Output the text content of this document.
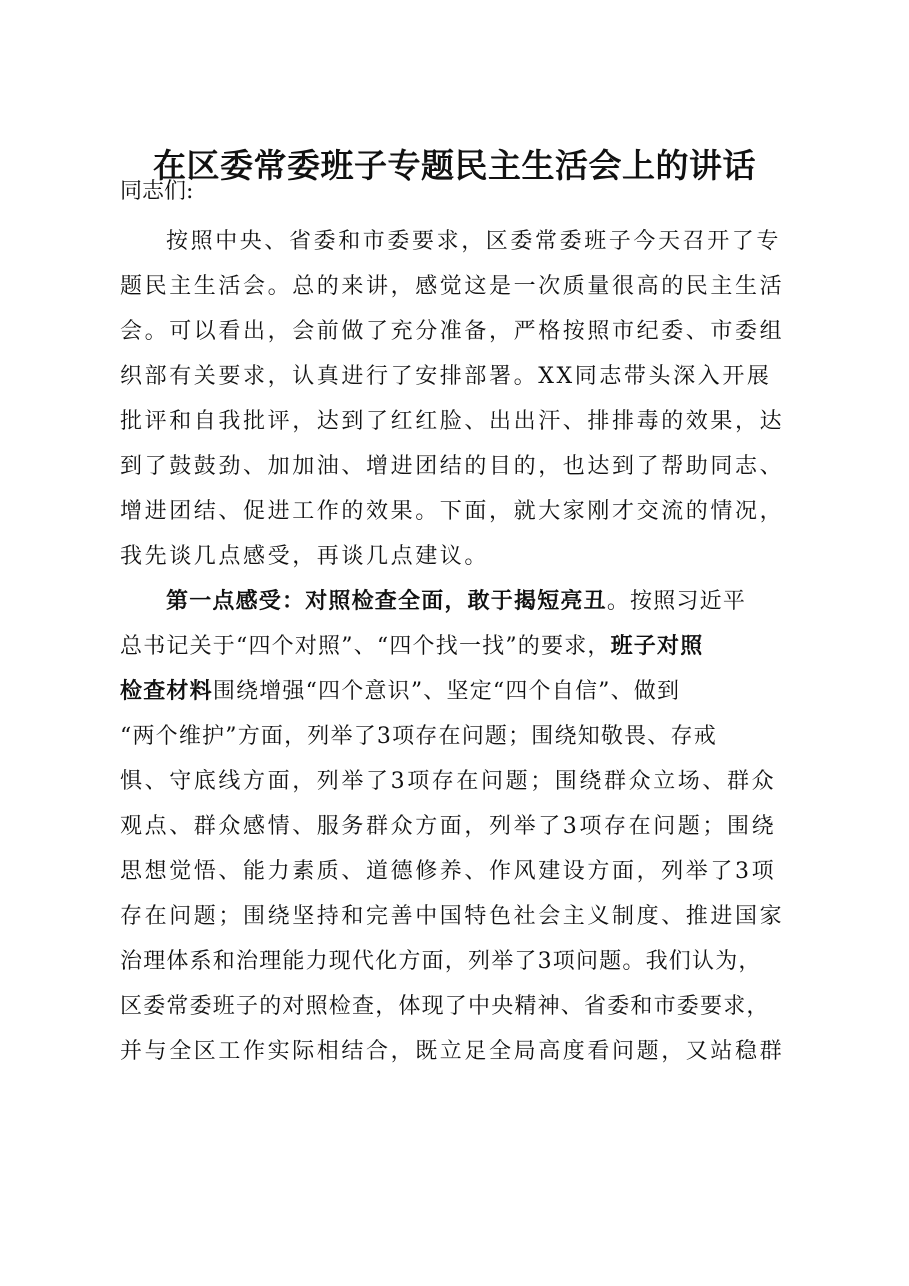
在区委常委班子专题民主生活会上的讲话

同志们:

按照中央、省委和市委要求，区委常委班子今天召开了专

题民主生活会。总的来讲，感觉这是一次质量很高的民主生活

会。可以看出，会前做了充分准备，严格按照市纪委、市委组

织部有关要求，认真进行了安排部署。XX同志带头深入开展

批评和自我批评，达到了红红脸、出出汗、排排毒的效果，达

到了鼓鼓劲、加加油、增进团结的目的，也达到了帮助同志、

增进团结、促进工作的效果。下面，就大家刚才交流的情况，

我先谈几点感受，再谈几点建议。

第一点感受：对照检查全面，敢于揭短亮丑。按照习近平

总书记关于“四个对照”、“四个找一找”的要求，班子对照

检查材料围绕增强“四个意识”、坚定“四个自信”、做到

“两个维护”方面，列举了3项存在问题；围绕知敬畏、存戒

惧、守底线方面，列举了3项存在问题；围绕群众立场、群众

观点、群众感情、服务群众方面，列举了3项存在问题；围绕

思想觉悟、能力素质、道德修养、作风建设方面，列举了3项

存在问题；围绕坚持和完善中国特色社会主义制度、推进国家

治理体系和治理能力现代化方面，列举了3项问题。我们认为，

区委常委班子的对照检查，体现了中央精神、省委和市委要求，

并与全区工作实际相结合，既立足全局高度看问题，又站稳群
